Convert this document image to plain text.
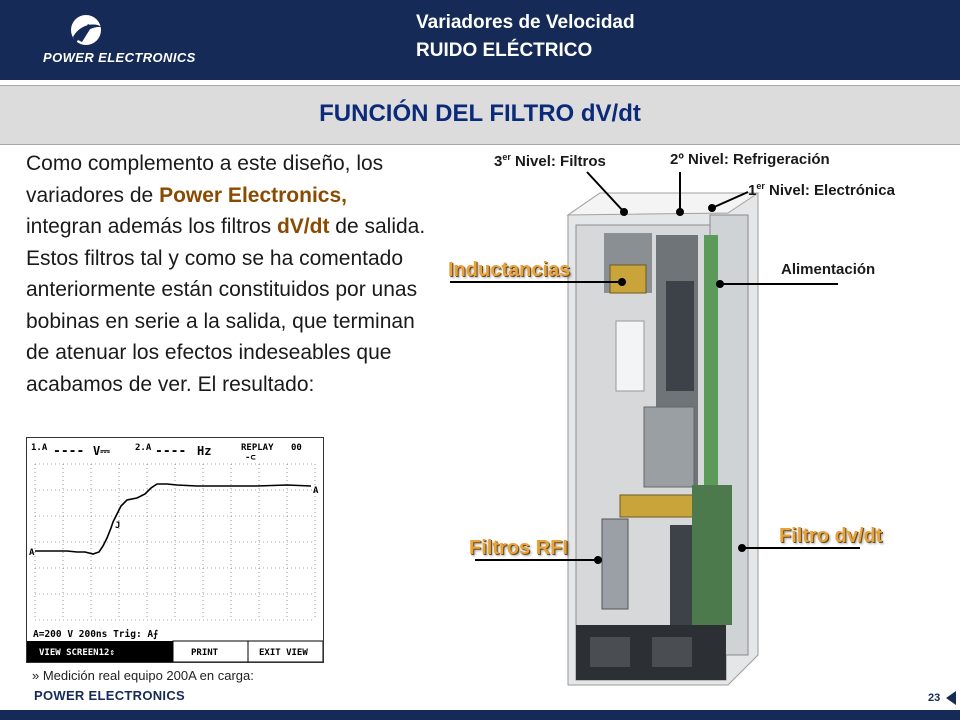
POWER ELECTRONICS
Variadores de Velocidad
RUIDO ELÉCTRICO
FUNCIÓN DEL FILTRO dV/dt
Como complemento a este diseño, los variadores de Power Electronics, integran además los filtros dV/dt de salida. Estos filtros tal y como se ha comentado anteriormente están constituidos por unas bobinas en serie a la salida, que terminan de atenuar los efectos indeseables que acabamos de ver. El resultado:
1.A ---- V⎓	2.A ---- Hz	REPLAY 00
-⊂
A
A
J
A=200 V 200ns Trig: A⨍
VIEW SCREEN12⇕	PRINT	EXIT VIEW
» Medición real equipo 200A en carga:
POWER ELECTRONICS
3er Nivel: Filtros	2º Nivel: Refrigeración
1er Nivel: Electrónica
Alimentación
Inductancias
Filtros RFI
Filtro dv/dt
23
